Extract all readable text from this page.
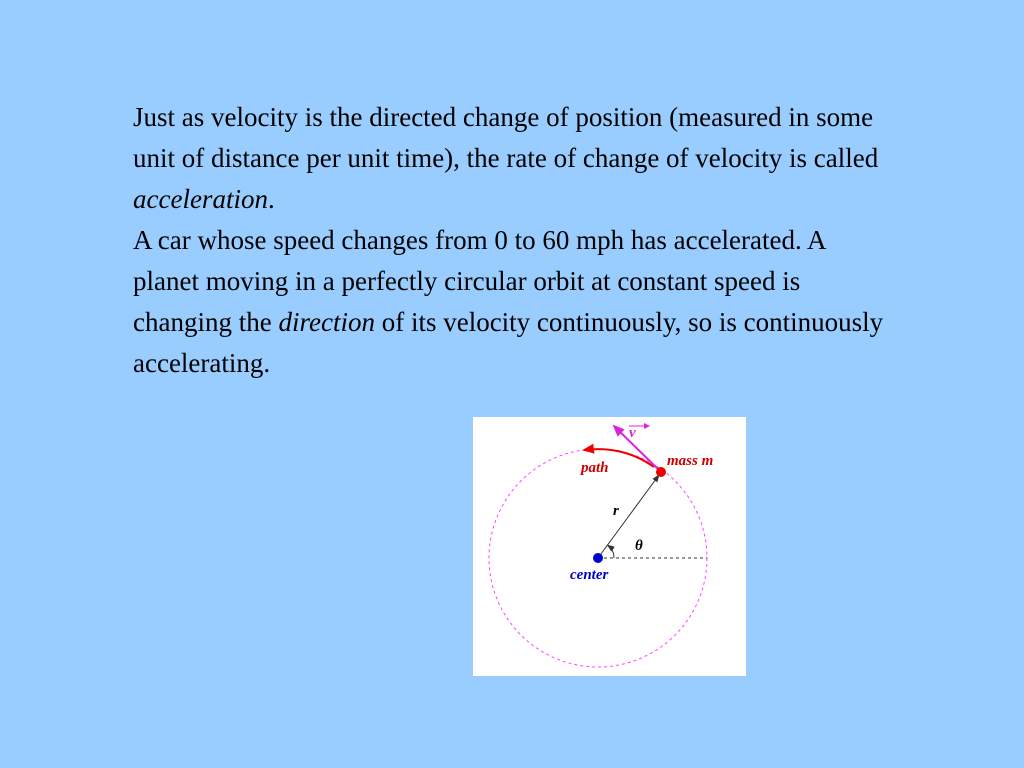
Just as velocity is the directed change of position (measured in some unit of distance per unit time), the rate of change of velocity is called acceleration.

A car whose speed changes from 0 to 60 mph has accelerated. A planet moving in a perfectly circular orbit at constant speed is changing the direction of its velocity continuously, so is continuously accelerating.

v
mass m
path
r
θ
center
